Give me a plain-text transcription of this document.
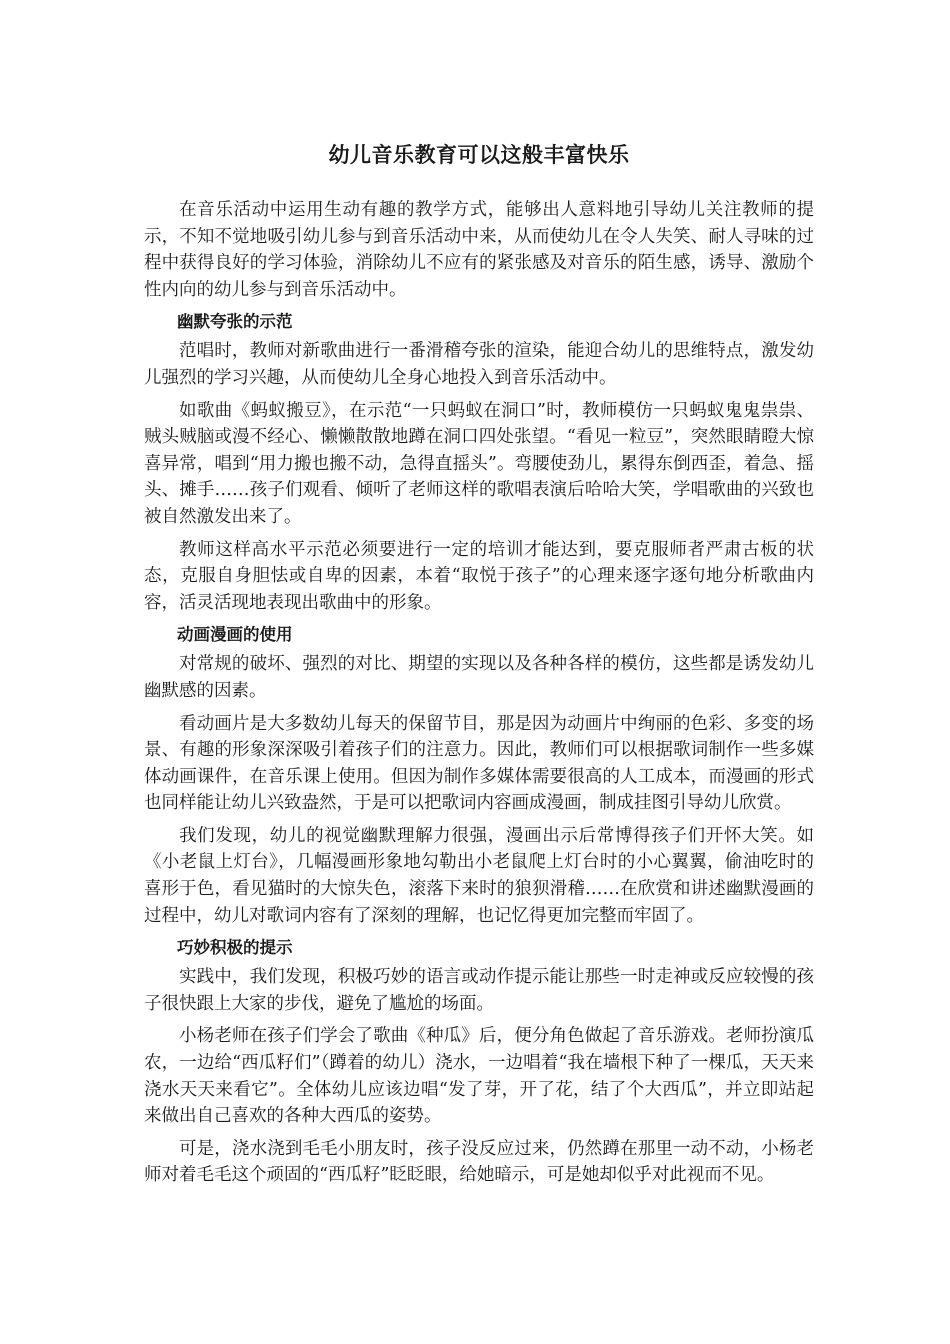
幼儿音乐教育可以这般丰富快乐

在音乐活动中运用生动有趣的教学方式，能够出人意料地引导幼儿关注教师的提示，不知不觉地吸引幼儿参与到音乐活动中来，从而使幼儿在令人失笑、耐人寻味的过程中获得良好的学习体验，消除幼儿不应有的紧张感及对音乐的陌生感，诱导、激励个性内向的幼儿参与到音乐活动中。

幽默夸张的示范

范唱时，教师对新歌曲进行一番滑稽夸张的渲染，能迎合幼儿的思维特点，激发幼儿强烈的学习兴趣，从而使幼儿全身心地投入到音乐活动中。

如歌曲《蚂蚁搬豆》，在示范“一只蚂蚁在洞口”时，教师模仿一只蚂蚁鬼鬼祟祟、贼头贼脑或漫不经心、懒懒散散地蹲在洞口四处张望。“看见一粒豆”，突然眼睛瞪大惊喜异常，唱到“用力搬也搬不动，急得直摇头”。弯腰使劲儿，累得东倒西歪，着急、摇头、摊手……孩子们观看、倾听了老师这样的歌唱表演后哈哈大笑，学唱歌曲的兴致也被自然激发出来了。

教师这样高水平示范必须要进行一定的培训才能达到，要克服师者严肃古板的状态，克服自身胆怯或自卑的因素，本着“取悦于孩子”的心理来逐字逐句地分析歌曲内容，活灵活现地表现出歌曲中的形象。

动画漫画的使用

对常规的破坏、强烈的对比、期望的实现以及各种各样的模仿，这些都是诱发幼儿幽默感的因素。

看动画片是大多数幼儿每天的保留节目，那是因为动画片中绚丽的色彩、多变的场景、有趣的形象深深吸引着孩子们的注意力。因此，教师们可以根据歌词制作一些多媒体动画课件，在音乐课上使用。但因为制作多媒体需要很高的人工成本，而漫画的形式也同样能让幼儿兴致盎然，于是可以把歌词内容画成漫画，制成挂图引导幼儿欣赏。

我们发现，幼儿的视觉幽默理解力很强，漫画出示后常博得孩子们开怀大笑。如《小老鼠上灯台》，几幅漫画形象地勾勒出小老鼠爬上灯台时的小心翼翼，偷油吃时的喜形于色，看见猫时的大惊失色，滚落下来时的狼狈滑稽……在欣赏和讲述幽默漫画的过程中，幼儿对歌词内容有了深刻的理解，也记忆得更加完整而牢固了。

巧妙积极的提示

实践中，我们发现，积极巧妙的语言或动作提示能让那些一时走神或反应较慢的孩子很快跟上大家的步伐，避免了尴尬的场面。

小杨老师在孩子们学会了歌曲《种瓜》后，便分角色做起了音乐游戏。老师扮演瓜农，一边给“西瓜籽们”（蹲着的幼儿）浇水，一边唱着“我在墙根下种了一棵瓜，天天来浇水天天来看它”。全体幼儿应该边唱“发了芽，开了花，结了个大西瓜”，并立即站起来做出自己喜欢的各种大西瓜的姿势。

可是，浇水浇到毛毛小朋友时，孩子没反应过来，仍然蹲在那里一动不动，小杨老师对着毛毛这个顽固的“西瓜籽”眨眨眼，给她暗示，可是她却似乎对此视而不见。
